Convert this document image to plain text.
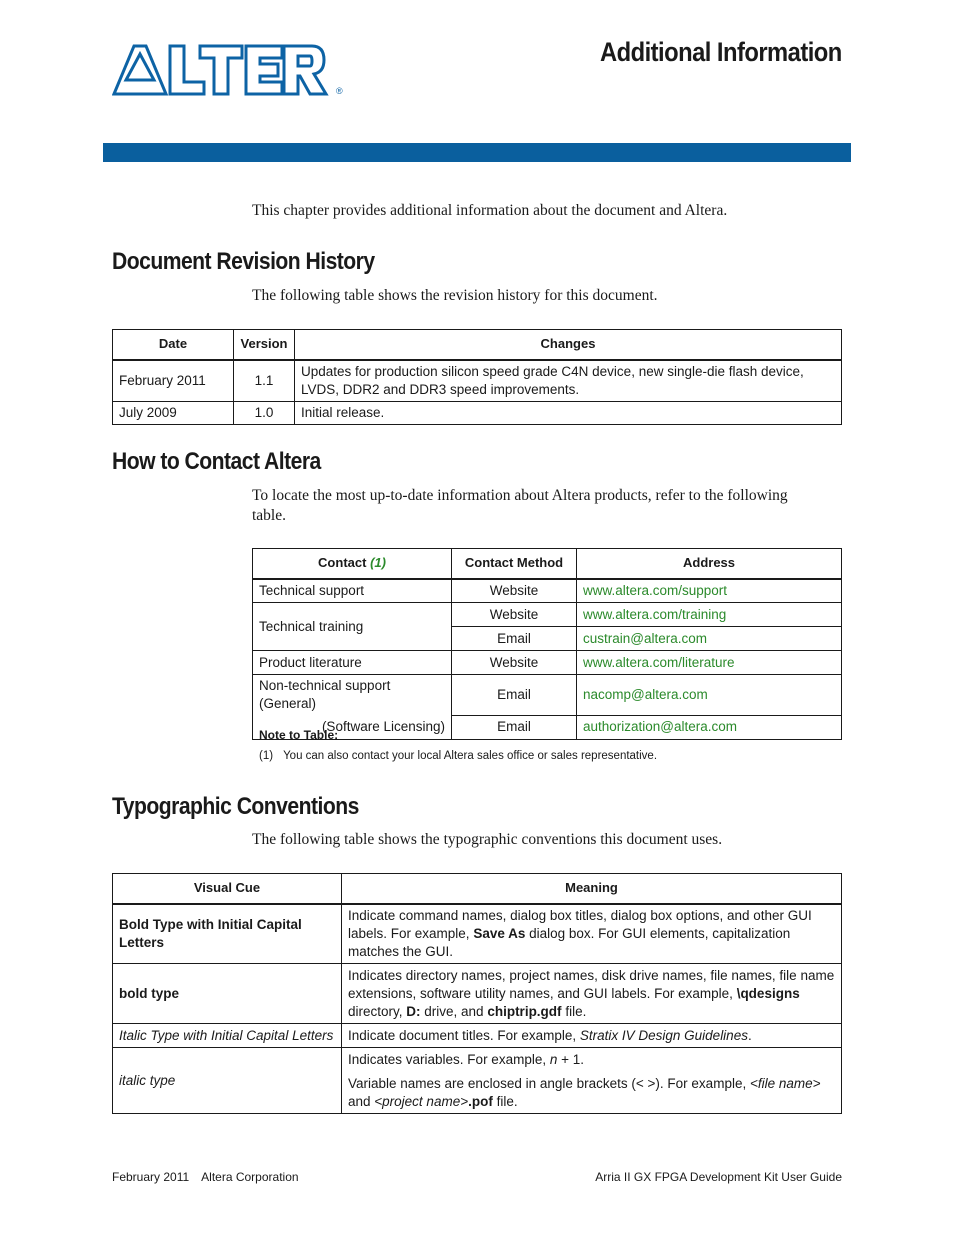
®
Additional Information
This chapter provides additional information about the document and Altera.
Document Revision History
The following table shows the revision history for this document.
Date	Version	Changes
February 2011	1.1	Updates for production silicon speed grade C4N device, new single-die flash device, LVDS, DDR2 and DDR3 speed improvements.
July 2009	1.0	Initial release.
How to Contact Altera
To locate the most up-to-date information about Altera products, refer to the following table.
Contact (1)	Contact Method	Address
Technical support	Website	www.altera.com/support
Technical training	Website	www.altera.com/training
	Email	custrain@altera.com
Product literature	Website	www.altera.com/literature
Non-technical support (General)	Email	nacomp@altera.com
(Software Licensing)	Email	authorization@altera.com
Note to Table:
(1) You can also contact your local Altera sales office or sales representative.
Typographic Conventions
The following table shows the typographic conventions this document uses.
Visual Cue	Meaning
Bold Type with Initial Capital Letters	Indicate command names, dialog box titles, dialog box options, and other GUI labels. For example, Save As dialog box. For GUI elements, capitalization matches the GUI.
bold type	Indicates directory names, project names, disk drive names, file names, file name extensions, software utility names, and GUI labels. For example, \qdesigns directory, D: drive, and chiptrip.gdf file.
Italic Type with Initial Capital Letters	Indicate document titles. For example, Stratix IV Design Guidelines.
italic type	Indicates variables. For example, n + 1.
Variable names are enclosed in angle brackets (< >). For example, <file name> and <project name>.pof file.
February 2011 Altera Corporation	Arria II GX FPGA Development Kit User Guide
